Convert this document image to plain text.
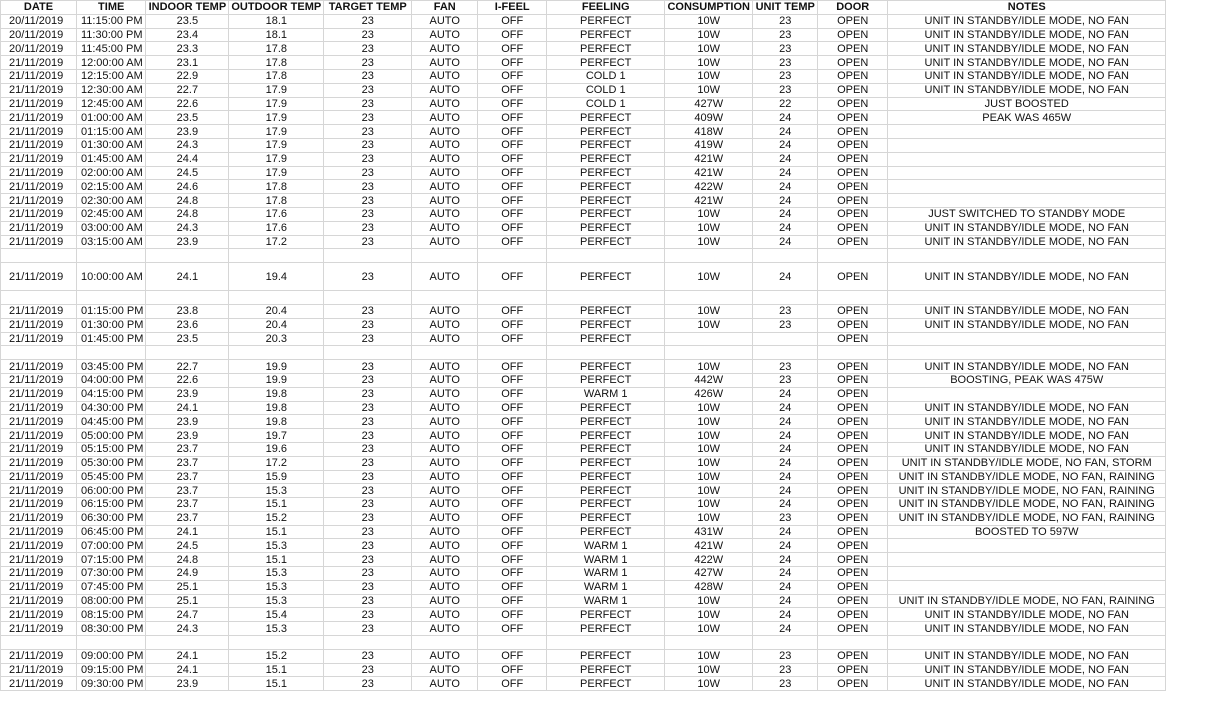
DATE	TIME	INDOOR TEMP	OUTDOOR TEMP	TARGET TEMP	FAN	I-FEEL	FEELING	CONSUMPTION	UNIT TEMP	DOOR	NOTES
20/11/2019	11:15:00 PM	23.5	18.1	23	AUTO	OFF	PERFECT	10W	23	OPEN	UNIT IN STANDBY/IDLE MODE, NO FAN
20/11/2019	11:30:00 PM	23.4	18.1	23	AUTO	OFF	PERFECT	10W	23	OPEN	UNIT IN STANDBY/IDLE MODE, NO FAN
20/11/2019	11:45:00 PM	23.3	17.8	23	AUTO	OFF	PERFECT	10W	23	OPEN	UNIT IN STANDBY/IDLE MODE, NO FAN
21/11/2019	12:00:00 AM	23.1	17.8	23	AUTO	OFF	PERFECT	10W	23	OPEN	UNIT IN STANDBY/IDLE MODE, NO FAN
21/11/2019	12:15:00 AM	22.9	17.8	23	AUTO	OFF	COLD 1	10W	23	OPEN	UNIT IN STANDBY/IDLE MODE, NO FAN
21/11/2019	12:30:00 AM	22.7	17.9	23	AUTO	OFF	COLD 1	10W	23	OPEN	UNIT IN STANDBY/IDLE MODE, NO FAN
21/11/2019	12:45:00 AM	22.6	17.9	23	AUTO	OFF	COLD 1	427W	22	OPEN	JUST BOOSTED
21/11/2019	01:00:00 AM	23.5	17.9	23	AUTO	OFF	PERFECT	409W	24	OPEN	PEAK WAS 465W
21/11/2019	01:15:00 AM	23.9	17.9	23	AUTO	OFF	PERFECT	418W	24	OPEN	
21/11/2019	01:30:00 AM	24.3	17.9	23	AUTO	OFF	PERFECT	419W	24	OPEN	
21/11/2019	01:45:00 AM	24.4	17.9	23	AUTO	OFF	PERFECT	421W	24	OPEN	
21/11/2019	02:00:00 AM	24.5	17.9	23	AUTO	OFF	PERFECT	421W	24	OPEN	
21/11/2019	02:15:00 AM	24.6	17.8	23	AUTO	OFF	PERFECT	422W	24	OPEN	
21/11/2019	02:30:00 AM	24.8	17.8	23	AUTO	OFF	PERFECT	421W	24	OPEN	
21/11/2019	02:45:00 AM	24.8	17.6	23	AUTO	OFF	PERFECT	10W	24	OPEN	JUST SWITCHED TO STANDBY MODE
21/11/2019	03:00:00 AM	24.3	17.6	23	AUTO	OFF	PERFECT	10W	24	OPEN	UNIT IN STANDBY/IDLE MODE, NO FAN
21/11/2019	03:15:00 AM	23.9	17.2	23	AUTO	OFF	PERFECT	10W	24	OPEN	UNIT IN STANDBY/IDLE MODE, NO FAN

21/11/2019	10:00:00 AM	24.1	19.4	23	AUTO	OFF	PERFECT	10W	24	OPEN	UNIT IN STANDBY/IDLE MODE, NO FAN

21/11/2019	01:15:00 PM	23.8	20.4	23	AUTO	OFF	PERFECT	10W	23	OPEN	UNIT IN STANDBY/IDLE MODE, NO FAN
21/11/2019	01:30:00 PM	23.6	20.4	23	AUTO	OFF	PERFECT	10W	23	OPEN	UNIT IN STANDBY/IDLE MODE, NO FAN
21/11/2019	01:45:00 PM	23.5	20.3	23	AUTO	OFF	PERFECT			OPEN	

21/11/2019	03:45:00 PM	22.7	19.9	23	AUTO	OFF	PERFECT	10W	23	OPEN	UNIT IN STANDBY/IDLE MODE, NO FAN
21/11/2019	04:00:00 PM	22.6	19.9	23	AUTO	OFF	PERFECT	442W	23	OPEN	BOOSTING, PEAK WAS 475W
21/11/2019	04:15:00 PM	23.9	19.8	23	AUTO	OFF	WARM 1	426W	24	OPEN	
21/11/2019	04:30:00 PM	24.1	19.8	23	AUTO	OFF	PERFECT	10W	24	OPEN	UNIT IN STANDBY/IDLE MODE, NO FAN
21/11/2019	04:45:00 PM	23.9	19.8	23	AUTO	OFF	PERFECT	10W	24	OPEN	UNIT IN STANDBY/IDLE MODE, NO FAN
21/11/2019	05:00:00 PM	23.9	19.7	23	AUTO	OFF	PERFECT	10W	24	OPEN	UNIT IN STANDBY/IDLE MODE, NO FAN
21/11/2019	05:15:00 PM	23.7	19.6	23	AUTO	OFF	PERFECT	10W	24	OPEN	UNIT IN STANDBY/IDLE MODE, NO FAN
21/11/2019	05:30:00 PM	23.7	17.2	23	AUTO	OFF	PERFECT	10W	24	OPEN	UNIT IN STANDBY/IDLE MODE, NO FAN, STORM
21/11/2019	05:45:00 PM	23.7	15.9	23	AUTO	OFF	PERFECT	10W	24	OPEN	UNIT IN STANDBY/IDLE MODE, NO FAN, RAINING
21/11/2019	06:00:00 PM	23.7	15.3	23	AUTO	OFF	PERFECT	10W	24	OPEN	UNIT IN STANDBY/IDLE MODE, NO FAN, RAINING
21/11/2019	06:15:00 PM	23.7	15.1	23	AUTO	OFF	PERFECT	10W	24	OPEN	UNIT IN STANDBY/IDLE MODE, NO FAN, RAINING
21/11/2019	06:30:00 PM	23.7	15.2	23	AUTO	OFF	PERFECT	10W	23	OPEN	UNIT IN STANDBY/IDLE MODE, NO FAN, RAINING
21/11/2019	06:45:00 PM	24.1	15.1	23	AUTO	OFF	PERFECT	431W	24	OPEN	BOOSTED TO 597W
21/11/2019	07:00:00 PM	24.5	15.3	23	AUTO	OFF	WARM 1	421W	24	OPEN	
21/11/2019	07:15:00 PM	24.8	15.1	23	AUTO	OFF	WARM 1	422W	24	OPEN	
21/11/2019	07:30:00 PM	24.9	15.3	23	AUTO	OFF	WARM 1	427W	24	OPEN	
21/11/2019	07:45:00 PM	25.1	15.3	23	AUTO	OFF	WARM 1	428W	24	OPEN	
21/11/2019	08:00:00 PM	25.1	15.3	23	AUTO	OFF	WARM 1	10W	24	OPEN	UNIT IN STANDBY/IDLE MODE, NO FAN, RAINING
21/11/2019	08:15:00 PM	24.7	15.4	23	AUTO	OFF	PERFECT	10W	24	OPEN	UNIT IN STANDBY/IDLE MODE, NO FAN
21/11/2019	08:30:00 PM	24.3	15.3	23	AUTO	OFF	PERFECT	10W	24	OPEN	UNIT IN STANDBY/IDLE MODE, NO FAN

21/11/2019	09:00:00 PM	24.1	15.2	23	AUTO	OFF	PERFECT	10W	23	OPEN	UNIT IN STANDBY/IDLE MODE, NO FAN
21/11/2019	09:15:00 PM	24.1	15.1	23	AUTO	OFF	PERFECT	10W	23	OPEN	UNIT IN STANDBY/IDLE MODE, NO FAN
21/11/2019	09:30:00 PM	23.9	15.1	23	AUTO	OFF	PERFECT	10W	23	OPEN	UNIT IN STANDBY/IDLE MODE, NO FAN
